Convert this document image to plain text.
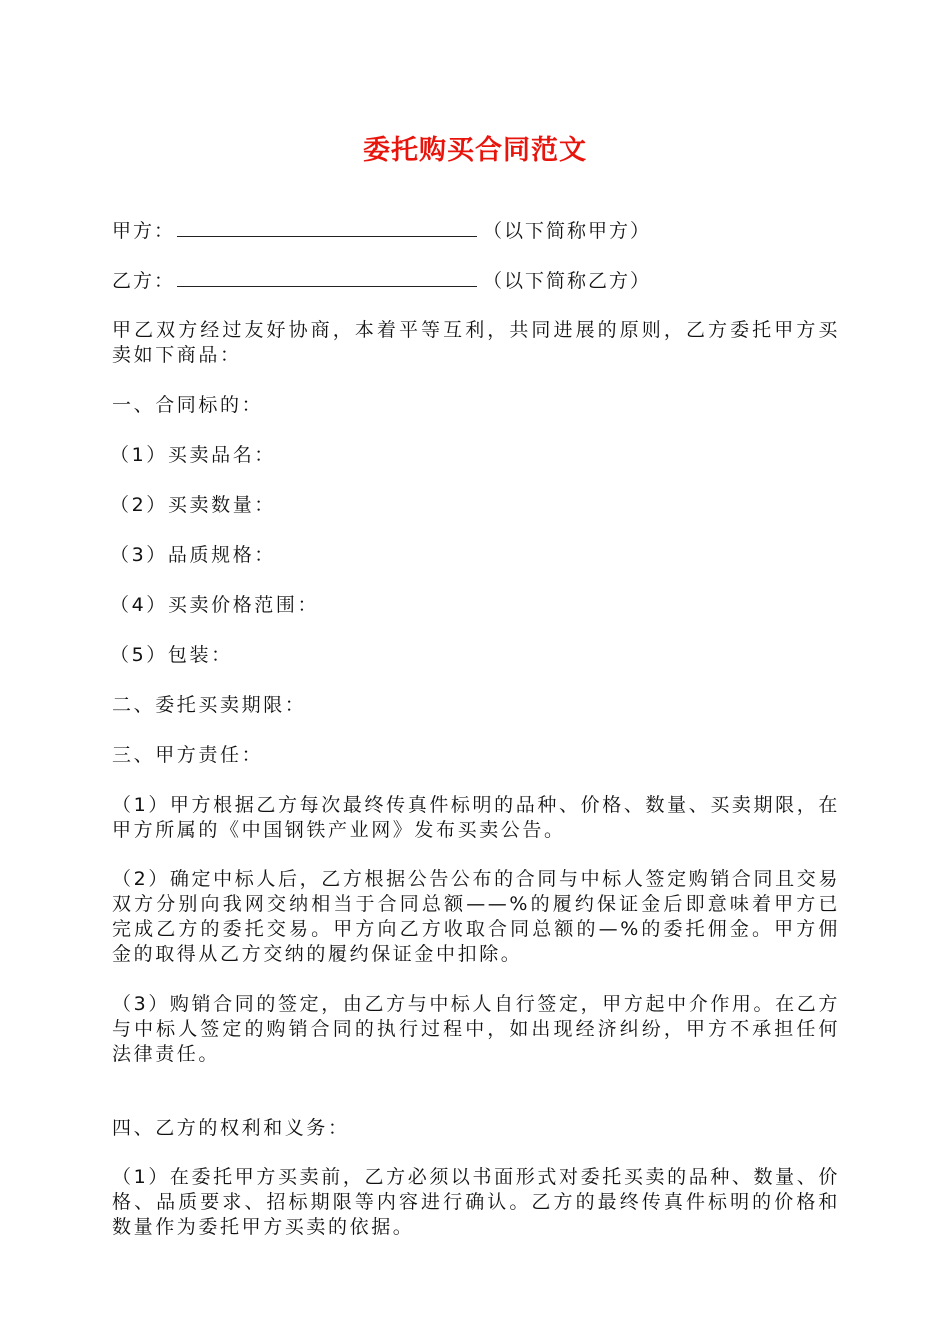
委托购买合同范文
甲方：	（以下简称甲方）
乙方：	（以下简称乙方）

甲乙双方经过友好协商，本着平等互利，共同进展的原则，乙方委托甲方买卖如下商品：

一、合同标的：

（1）买卖品名：

（2）买卖数量：

（3）品质规格：

（4）买卖价格范围：

（5）包装：

二、委托买卖期限：

三、甲方责任：

（1）甲方根据乙方每次最终传真件标明的品种、价格、数量、买卖期限，在甲方所属的《中国钢铁产业网》发布买卖公告。

（2）确定中标人后，乙方根据公告公布的合同与中标人签定购销合同且交易双方分别向我网交纳相当于合同总额——%的履约保证金后即意味着甲方已完成乙方的委托交易。甲方向乙方收取合同总额的—%的委托佣金。甲方佣金的取得从乙方交纳的履约保证金中扣除。

（3）购销合同的签定，由乙方与中标人自行签定，甲方起中介作用。在乙方与中标人签定的购销合同的执行过程中，如出现经济纠纷，甲方不承担任何法律责任。

四、乙方的权利和义务：

（1）在委托甲方买卖前，乙方必须以书面形式对委托买卖的品种、数量、价格、品质要求、招标期限等内容进行确认。乙方的最终传真件标明的价格和数量作为委托甲方买卖的依据。
